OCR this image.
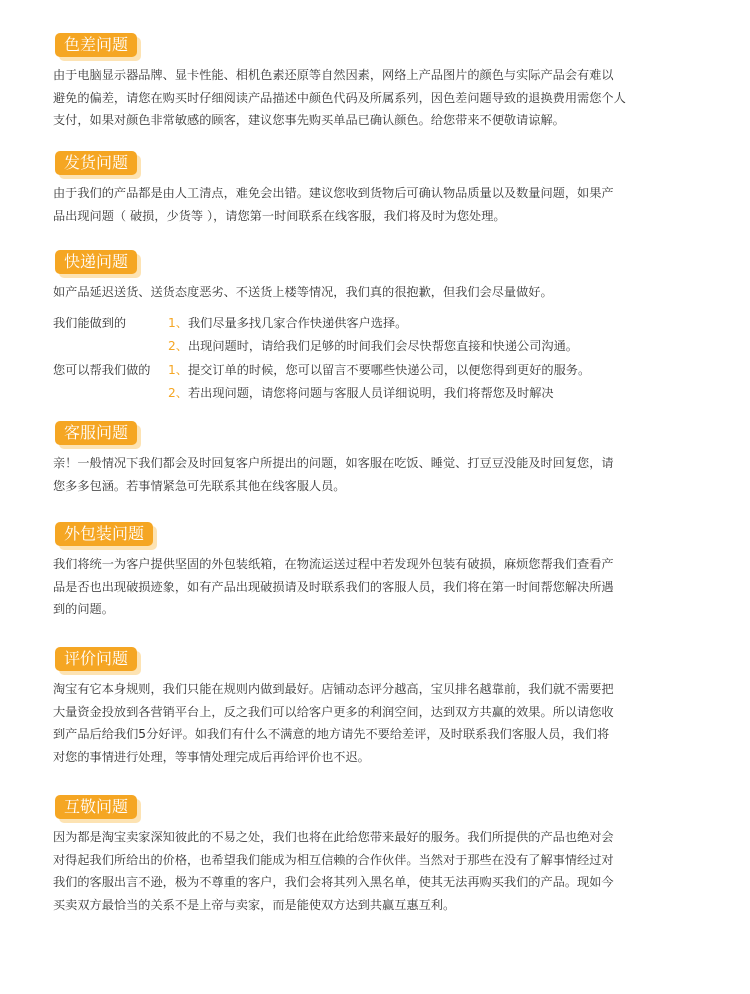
色差问题
由于电脑显示器品牌、显卡性能、相机色素还原等自然因素，网络上产品图片的颜色与实际产品会有难以
避免的偏差，请您在购买时仔细阅读产品描述中颜色代码及所属系列，因色差问题导致的退换费用需您个人
支付，如果对颜色非常敏感的顾客，建议您事先购买单品已确认颜色。给您带来不便敬请谅解。
发货问题
由于我们的产品都是由人工清点，难免会出错。建议您收到货物后可确认物品质量以及数量问题，如果产
品出现问题（ 破损，少货等 ），请您第一时间联系在线客服，我们将及时为您处理。
快递问题
如产品延迟送货、送货态度恶劣、不送货上楼等情况，我们真的很抱歉，但我们会尽量做好。
我们能做到的	1、 我们尽量多找几家合作快递供客户选择。
2、 出现问题时，请给我们足够的时间我们会尽快帮您直接和快递公司沟通。
您可以帮我们做的	1、 提交订单的时候，您可以留言不要哪些快递公司，以便您得到更好的服务。
2、 若出现问题，请您将问题与客服人员详细说明，我们将帮您及时解决
客服问题
亲！一般情况下我们都会及时回复客户所提出的问题，如客服在吃饭、睡觉、打豆豆没能及时回复您，请
您多多包涵。若事情紧急可先联系其他在线客服人员。
外包装问题
我们将统一为客户提供坚固的外包装纸箱，在物流运送过程中若发现外包装有破损，麻烦您帮我们查看产
品是否也出现破损迹象，如有产品出现破损请及时联系我们的客服人员，我们将在第一时间帮您解决所遇
到的问题。
评价问题
淘宝有它本身规则，我们只能在规则内做到最好。店铺动态评分越高，宝贝排名越靠前，我们就不需要把
大量资金投放到各营销平台上，反之我们可以给客户更多的利润空间，达到双方共赢的效果。所以请您收
到产品后给我们5分好评。如我们有什么不满意的地方请先不要给差评，及时联系我们客服人员，我们将
对您的事情进行处理，等事情处理完成后再给评价也不迟。
互敬问题
因为都是淘宝卖家深知彼此的不易之处，我们也将在此给您带来最好的服务。我们所提供的产品也绝对会
对得起我们所给出的价格，也希望我们能成为相互信赖的合作伙伴。当然对于那些在没有了解事情经过对
我们的客服出言不逊，极为不尊重的客户，我们会将其列入黑名单，使其无法再购买我们的产品。现如今
买卖双方最恰当的关系不是上帝与卖家，而是能使双方达到共赢互惠互利。
